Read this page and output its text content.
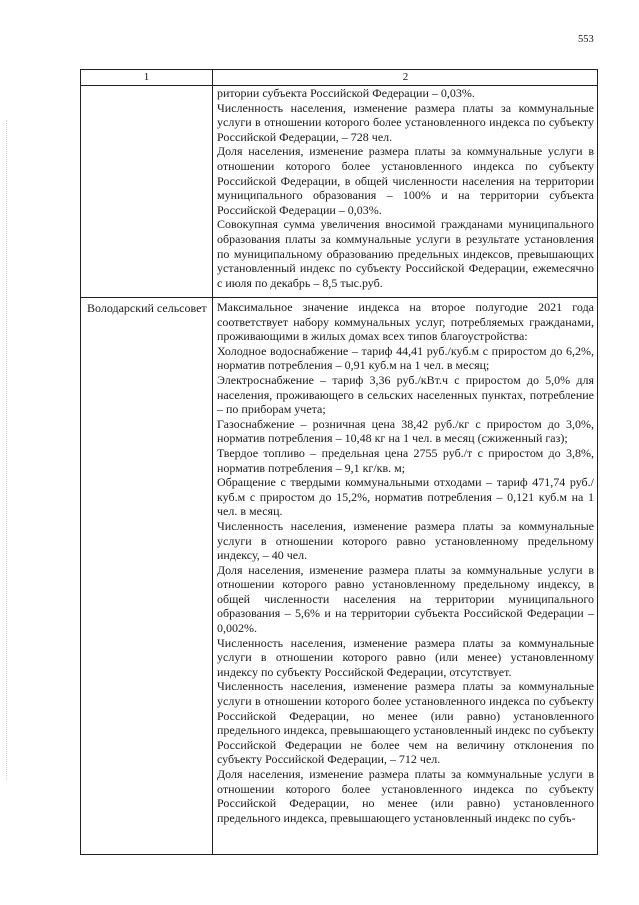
553
1	2

ритории субъекта Российской Федерации – 0,03%.

Численность населения, изменение размера платы за коммунальные услуги в отношении которого более установленного индекса по субъекту Российской Федерации, – 728 чел.

Доля населения, изменение размера платы за коммунальные услуги в отношении которого более установленного индекса по субъекту Российской Федерации, в общей численности населения на территории муниципального образования – 100% и на территории субъекта Российской Федерации – 0,03%.

Совокупная сумма увеличения вносимой гражданами муниципального образования платы за коммунальные услуги в результате установления по муниципальному образованию предельных индексов, превышающих установленный индекс по субъекту Российской Федерации, ежемесячно с июля по декабрь – 8,5 тыс.руб.

Володарский сельсовет Максимальное значение индекса на второе полугодие 2021 года соответствует набору коммунальных услуг, потребляемых гражданами, проживающими в жилых домах всех типов благоустройства:

Холодное водоснабжение – тариф 44,41 руб./куб.м с приростом до 6,2%, норматив потребления – 0,91 куб.м на 1 чел. в месяц;

Электроснабжение – тариф 3,36 руб./кВт.ч с приростом до 5,0% для населения, проживающего в сельских населенных пунктах, потребление – по приборам учета;

Газоснабжение – розничная цена 38,42 руб./кг с приростом до 3,0%, норматив потребления – 10,48 кг на 1 чел. в месяц (сжиженный газ);

Твердое топливо – предельная цена 2755 руб./т с приростом до 3,8%, норматив потребления – 9,1 кг/кв. м;

Обращение с твердыми коммунальными отходами – тариф 471,74 руб./куб.м с приростом до 15,2%, норматив потребления – 0,121 куб.м на 1 чел. в месяц.

Численность населения, изменение размера платы за коммунальные услуги в отношении которого равно установленному предельному индексу, – 40 чел.

Доля населения, изменение размера платы за коммунальные услуги в отношении которого равно установленному предельному индексу, в общей численности населения на территории муниципального образования – 5,6% и на территории субъекта Российской Федерации – 0,002%.

Численность населения, изменение размера платы за коммунальные услуги в отношении которого равно (или менее) установленному индексу по субъекту Российской Федерации, отсутствует.

Численность населения, изменение размера платы за коммунальные услуги в отношении которого более установленного индекса по субъекту Российской Федерации, но менее (или равно) установленного предельного индекса, превышающего установленный индекс по субъекту Российской Федерации не более чем на величину отклонения по субъекту Российской Федерации, – 712 чел.

Доля населения, изменение размера платы за коммунальные услуги в отношении которого более установленного индекса по субъекту Российской Федерации, но менее (или равно) установленного предельного индекса, превышающего установленный индекс по субъ-
